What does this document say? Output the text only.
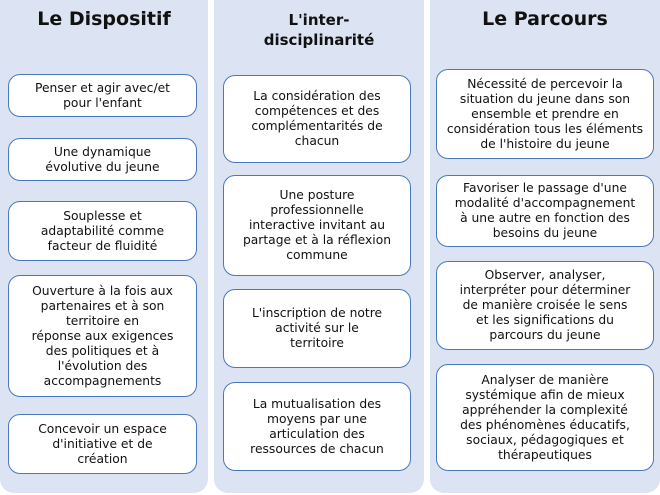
Le Dispositif
Penser et agir avec/et
pour l'enfant
Une dynamique
évolutive du jeune
Souplesse et
adaptabilité comme
facteur de fluidité
Ouverture à la fois aux
partenaires et à son
territoire en
réponse aux exigences
des politiques et à
l'évolution des
accompagnements
Concevoir un espace
d'initiative et de
création
L'inter-
disciplinarité
La considération des
compétences et des
complémentarités de
chacun
Une posture
professionnelle
interactive invitant au
partage et à la réflexion
commune
L'inscription de notre
activité sur le
territoire
La mutualisation des
moyens par une
articulation des
ressources de chacun
Le Parcours
Nécessité de percevoir la
situation du jeune dans son
ensemble et prendre en
considération tous les éléments
de l'histoire du jeune
Favoriser le passage d'une
modalité d'accompagnement
à une autre en fonction des
besoins du jeune
Observer, analyser,
interpréter pour déterminer
de manière croisée le sens
et les significations du
parcours du jeune
Analyser de manière
systémique afin de mieux
appréhender la complexité
des phénomènes éducatifs,
sociaux, pédagogiques et
thérapeutiques
